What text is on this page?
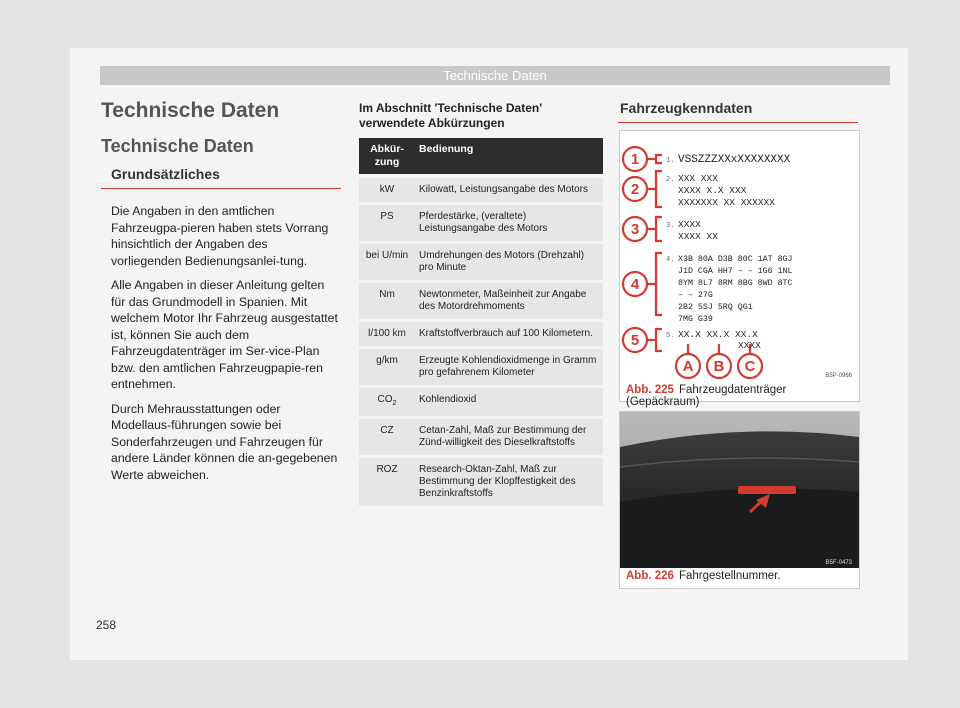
Technische Daten
Technische Daten
Technische Daten
Grundsätzliches

Die Angaben in den amtlichen Fahrzeugpa-pieren haben stets Vorrang hinsichtlich der Angaben des vorliegenden Bedienungsanlei-tung.

Alle Angaben in dieser Anleitung gelten für das Grundmodell in Spanien. Mit welchem Motor Ihr Fahrzeug ausgestattet ist, können Sie auch dem Fahrzeugdatenträger im Ser-vice-Plan bzw. den amtlichen Fahrzeugpapie-ren entnehmen.

Durch Mehrausstattungen oder Modellaus-führungen sowie bei Sonderfahrzeugen und Fahrzeugen für andere Länder können die an-gegebenen Werte abweichen.

Im Abschnitt 'Technische Daten' verwendete Abkürzungen
Abkür-zung	Bedienung

kW	Kilowatt, Leistungsangabe des Motors
PS	Pferdestärke, (veraltete) Leistungsangabe des Motors
bei U/min	Umdrehungen des Motors (Drehzahl) pro Minute
Nm	Newtonmeter, Maßeinheit zur Angabe des Motordrehmoments
l/100 km	Kraftstoffverbrauch auf 100 Kilometern.
g/km	Erzeugte Kohlendioxidmenge in Gramm pro gefahrenem Kilometer
$CO_2$	Kohlendioxid
CZ	Cetan-Zahl, Maß zur Bestimmung der Zünd-willigkeit des Dieselkraftstoffs
ROZ	Research-Oktan-Zahl, Maß zur Bestimmung der Klopffestigkeit des Benzinkraftstoffs
Fahrzeugkenndaten
1
2
3
4
5
A B C
1. VSSZZZXXxXXXXXXXX
2. XXX XXX
XXXX X.X XXX
XXXXXXX XX XXXXXX
3. XXXX
XXXX XX
4. X3B 80A D3B 80C 1AT 8GJ
J1D CGA HH7 – – 1G6 1NL
8YM 8L7 8RM 8BG 8WD 8TC
– – 27G
2B2 5SJ 5RQ QG1
7MG G39
5. XX.X XX.X XX.X
XXXX
B5P-0966
Abb. 225 Fahrzeugdatenträger (Gepäckraum)
B5F-0473
Abb. 226 Fahrgestellnummer.
258
